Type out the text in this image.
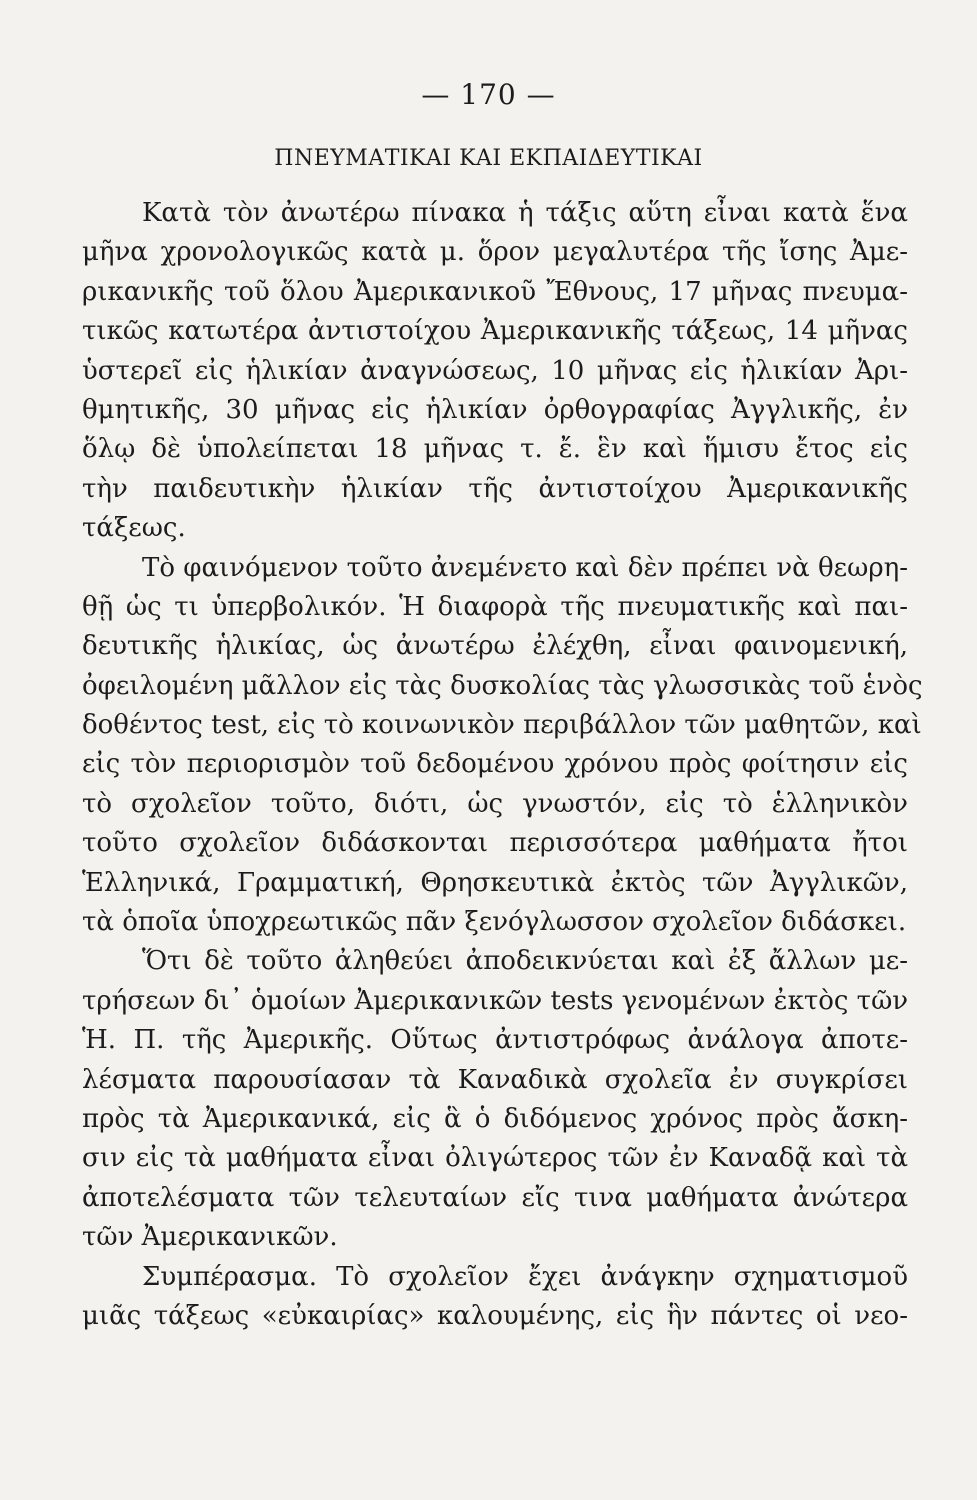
— 170 —
ΠΝΕΥΜΑΤΙΚΑΙ ΚΑΙ ΕΚΠΑΙΔΕΥΤΙΚΑΙ
Κατὰ τὸν ἀνωτέρω πίνακα ἡ τάξις αὕτη εἶναι κατὰ ἕνα
μῆνα χρονολογικῶς κατὰ μ. ὅρον μεγαλυτέρα τῆς ἴσης Ἀμε-
ρικανικῆς τοῦ ὅλου Ἀμερικανικοῦ Ἔθνους, 17 μῆνας πνευμα-
τικῶς κατωτέρα ἀντιστοίχου Ἀμερικανικῆς τάξεως, 14 μῆνας
ὑστερεῖ εἰς ἡλικίαν ἀναγνώσεως, 10 μῆνας εἰς ἡλικίαν Ἀρι-
θμητικῆς, 30 μῆνας εἰς ἡλικίαν ὀρθογραφίας Ἀγγλικῆς, ἐν
ὅλῳ δὲ ὑπολείπεται 18 μῆνας τ. ἔ. ἓν καὶ ἥμισυ ἔτος εἰς
τὴν παιδευτικὴν ἡλικίαν τῆς ἀντιστοίχου Ἀμερικανικῆς
τάξεως.
Τὸ φαινόμενον τοῦτο ἀνεμένετο καὶ δὲν πρέπει νὰ θεωρη-
θῇ ὡς τι ὑπερβολικόν. Ἡ διαφορὰ τῆς πνευματικῆς καὶ παι-
δευτικῆς ἡλικίας, ὡς ἀνωτέρω ἐλέχθη, εἶναι φαινομενική,
ὀφειλομένη μᾶλλον εἰς τὰς δυσκολίας τὰς γλωσσικὰς τοῦ ἑνὸς
δοθέντος test, εἰς τὸ κοινωνικὸν περιβάλλον τῶν μαθητῶν, καὶ
εἰς τὸν περιορισμὸν τοῦ δεδομένου χρόνου πρὸς φοίτησιν εἰς
τὸ σχολεῖον τοῦτο, διότι, ὡς γνωστόν, εἰς τὸ ἑλληνικὸν
τοῦτο σχολεῖον διδάσκονται περισσότερα μαθήματα ἤτοι
Ἑλληνικά, Γραμματική, Θρησκευτικὰ ἐκτὸς τῶν Ἀγγλικῶν,
τὰ ὁποῖα ὑποχρεωτικῶς πᾶν ξενόγλωσσον σχολεῖον διδάσκει.
Ὅτι δὲ τοῦτο ἀληθεύει ἀποδεικνύεται καὶ ἐξ ἄλλων με-
τρήσεων δι᾽ ὁμοίων Ἀμερικανικῶν tests γενομένων ἐκτὸς τῶν
Ἡ. Π. τῆς Ἀμερικῆς. Οὕτως ἀντιστρόφως ἀνάλογα ἀποτε-
λέσματα παρουσίασαν τὰ Καναδικὰ σχολεῖα ἐν συγκρίσει
πρὸς τὰ Ἀμερικανικά, εἰς ἃ ὁ διδόμενος χρόνος πρὸς ἄσκη-
σιν εἰς τὰ μαθήματα εἶναι ὀλιγώτερος τῶν ἐν Καναδᾷ καὶ τὰ
ἀποτελέσματα τῶν τελευταίων εἴς τινα μαθήματα ἀνώτερα
τῶν Ἀμερικανικῶν.
Συμπέρασμα. Τὸ σχολεῖον ἔχει ἀνάγκην σχηματισμοῦ
μιᾶς τάξεως «εὐκαιρίας» καλουμένης, εἰς ἣν πάντες οἱ νεο-
